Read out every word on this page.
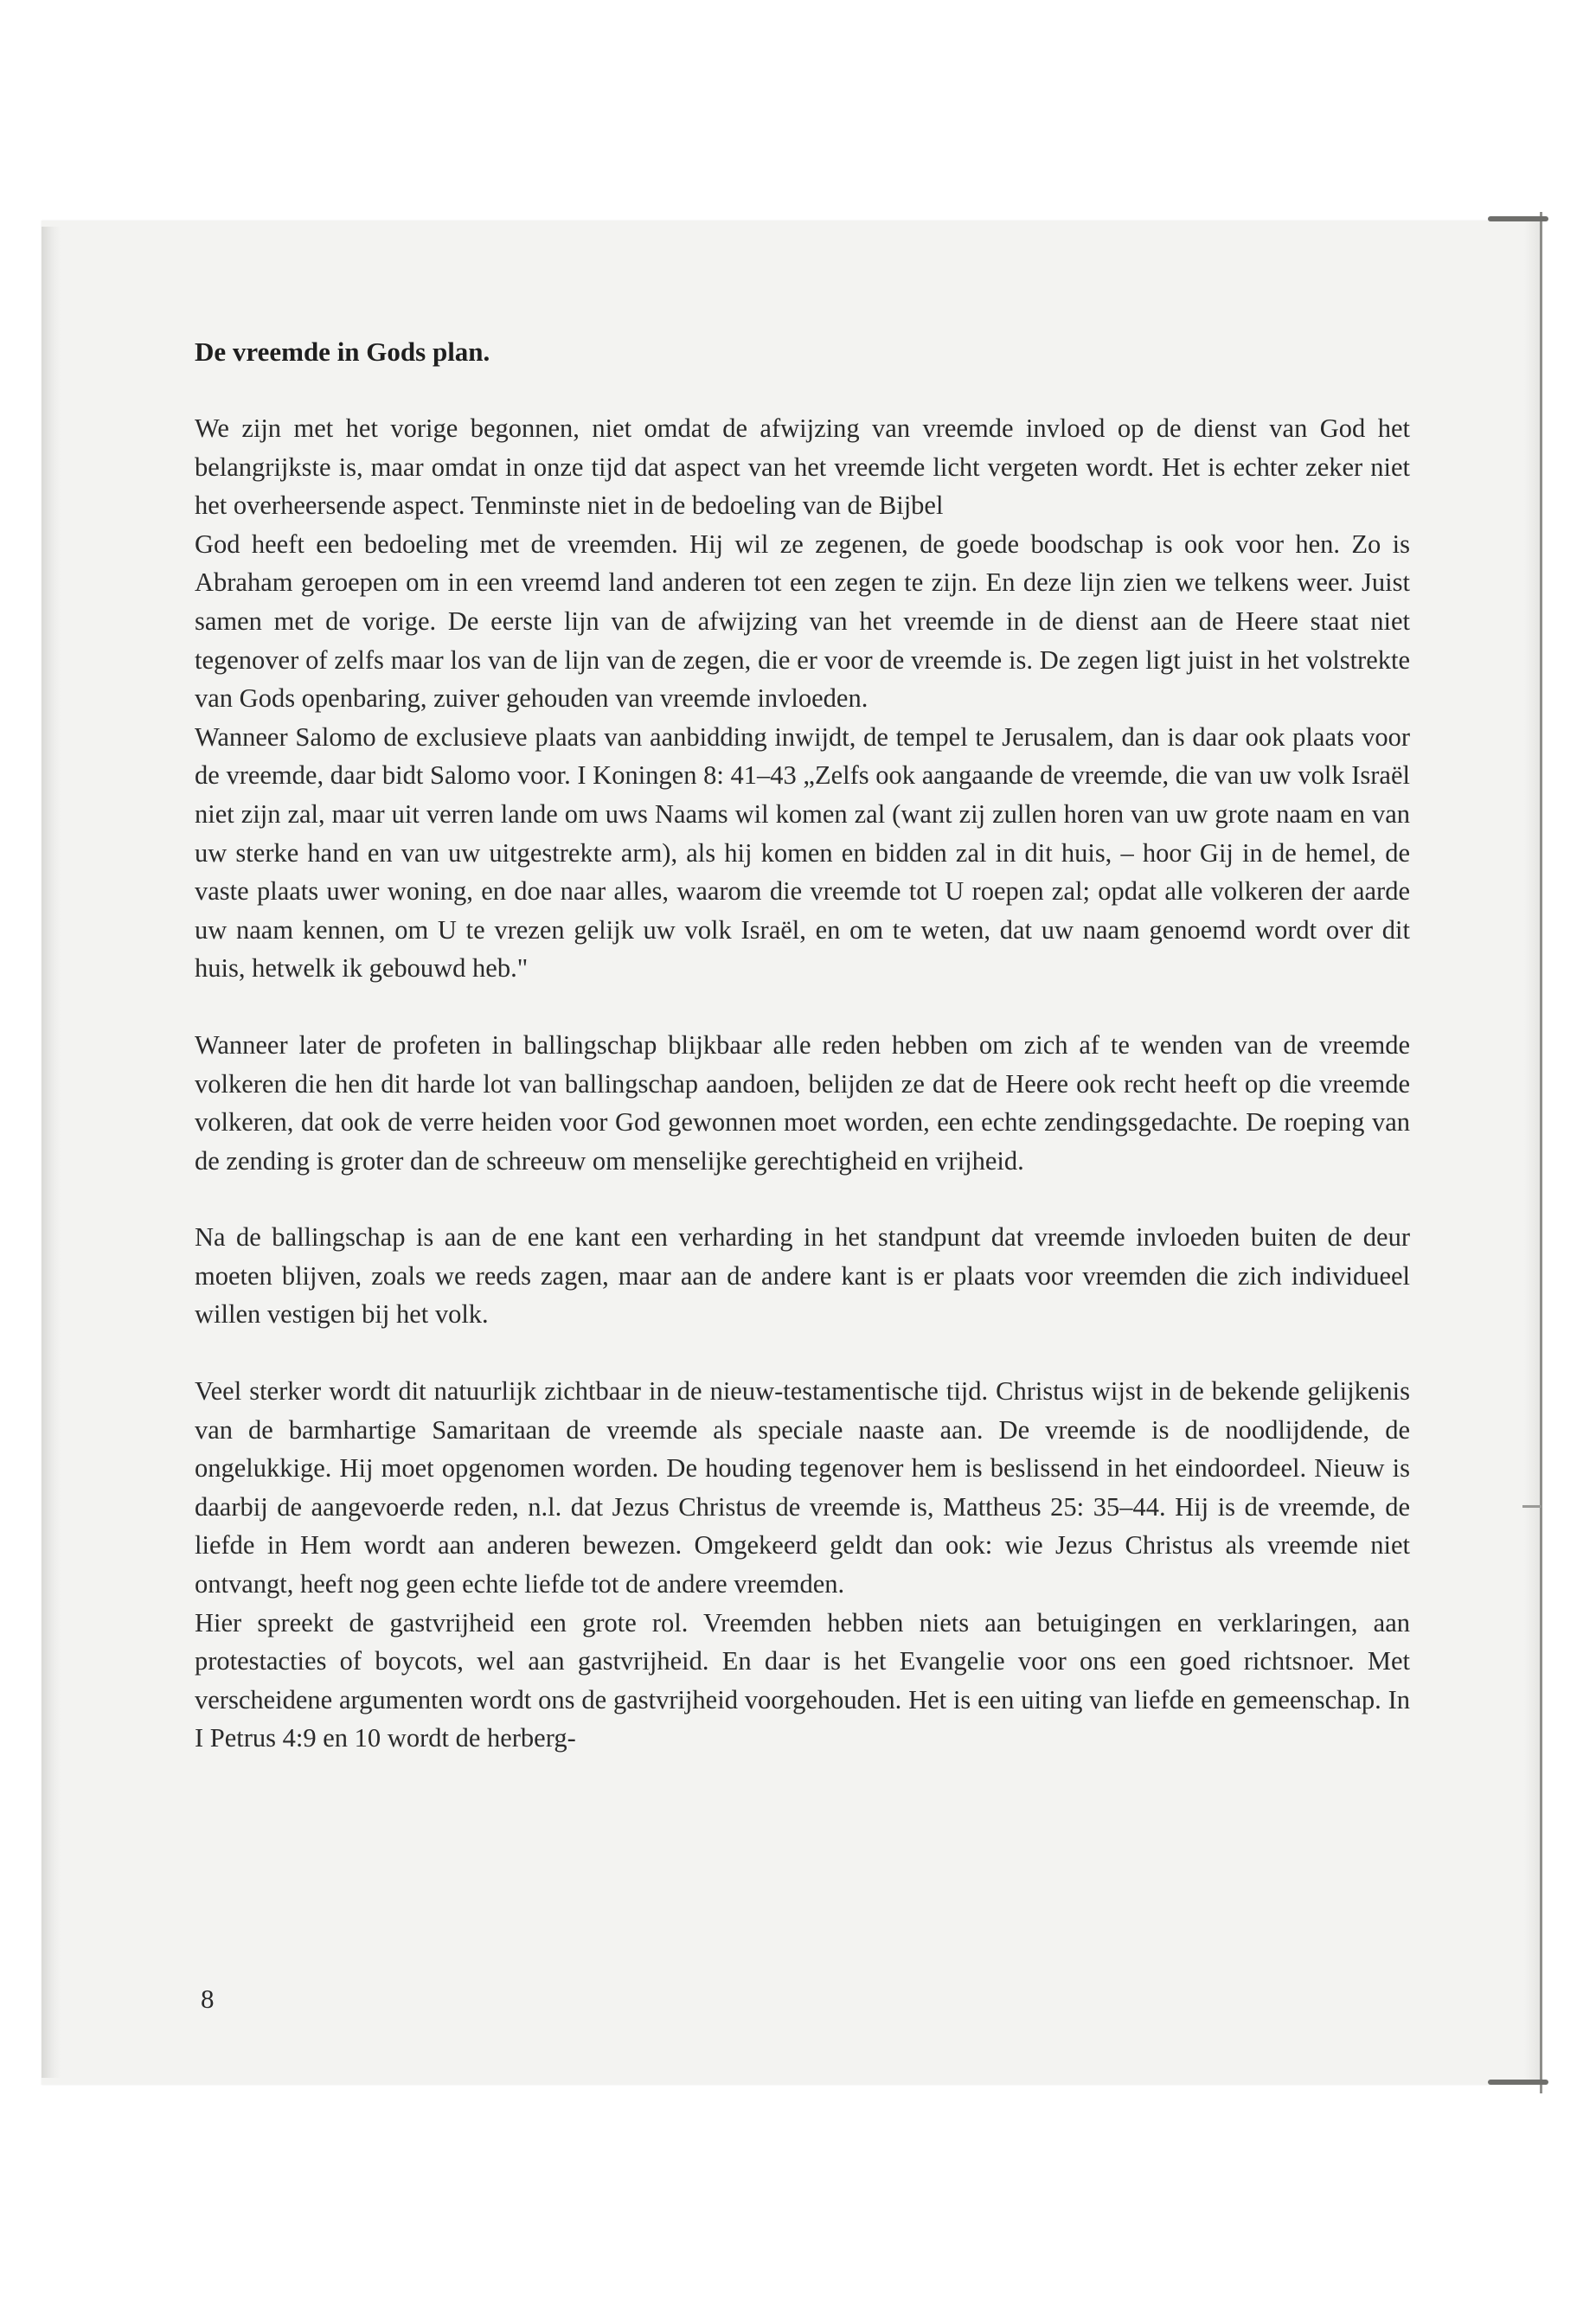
De vreemde in Gods plan.

We zijn met het vorige begonnen, niet omdat de afwijzing van vreemde invloed op de dienst van God het belangrijkste is, maar omdat in onze tijd dat aspect van het vreemde licht vergeten wordt. Het is echter zeker niet het overheersende aspect. Tenminste niet in de bedoeling van de Bijbel

God heeft een bedoeling met de vreemden. Hij wil ze zegenen, de goede boodschap is ook voor hen. Zo is Abraham geroepen om in een vreemd land anderen tot een zegen te zijn. En deze lijn zien we telkens weer. Juist samen met de vorige. De eerste lijn van de afwijzing van het vreemde in de dienst aan de Heere staat niet tegenover of zelfs maar los van de lijn van de zegen, die er voor de vreemde is. De zegen ligt juist in het volstrekte van Gods openbaring, zuiver gehouden van vreemde invloeden.

Wanneer Salomo de exclusieve plaats van aanbidding inwijdt, de tempel te Jerusalem, dan is daar ook plaats voor de vreemde, daar bidt Salomo voor. I Koningen 8: 41–43 „Zelfs ook aangaande de vreemde, die van uw volk Israël niet zijn zal, maar uit verren lande om uws Naams wil komen zal (want zij zullen horen van uw grote naam en van uw sterke hand en van uw uitgestrekte arm), als hij komen en bidden zal in dit huis, – hoor Gij in de hemel, de vaste plaats uwer woning, en doe naar alles, waarom die vreemde tot U roepen zal; opdat alle volkeren der aarde uw naam kennen, om U te vrezen gelijk uw volk Israël, en om te weten, dat uw naam genoemd wordt over dit huis, hetwelk ik gebouwd heb."

Wanneer later de profeten in ballingschap blijkbaar alle reden hebben om zich af te wenden van de vreemde volkeren die hen dit harde lot van ballingschap aandoen, belijden ze dat de Heere ook recht heeft op die vreemde volkeren, dat ook de verre heiden voor God gewonnen moet worden, een echte zendingsgedachte. De roeping van de zending is groter dan de schreeuw om menselijke gerechtigheid en vrijheid.

Na de ballingschap is aan de ene kant een verharding in het standpunt dat vreemde invloeden buiten de deur moeten blijven, zoals we reeds zagen, maar aan de andere kant is er plaats voor vreemden die zich individueel willen vestigen bij het volk.

Veel sterker wordt dit natuurlijk zichtbaar in de nieuw-testamentische tijd. Christus wijst in de bekende gelijkenis van de barmhartige Samaritaan de vreemde als speciale naaste aan. De vreemde is de noodlijdende, de ongelukkige. Hij moet opgenomen worden. De houding tegenover hem is beslissend in het eindoordeel. Nieuw is daarbij de aangevoerde reden, n.l. dat Jezus Christus de vreemde is, Mattheus 25: 35–44. Hij is de vreemde, de liefde in Hem wordt aan anderen bewezen. Omgekeerd geldt dan ook: wie Jezus Christus als vreemde niet ontvangt, heeft nog geen echte liefde tot de andere vreemden.

Hier spreekt de gastvrijheid een grote rol. Vreemden hebben niets aan betuigingen en verklaringen, aan protestacties of boycots, wel aan gastvrijheid. En daar is het Evangelie voor ons een goed richtsnoer. Met verscheidene argumenten wordt ons de gastvrijheid voorgehouden. Het is een uiting van liefde en gemeenschap. In I Petrus 4:9 en 10 wordt de herberg-

8
